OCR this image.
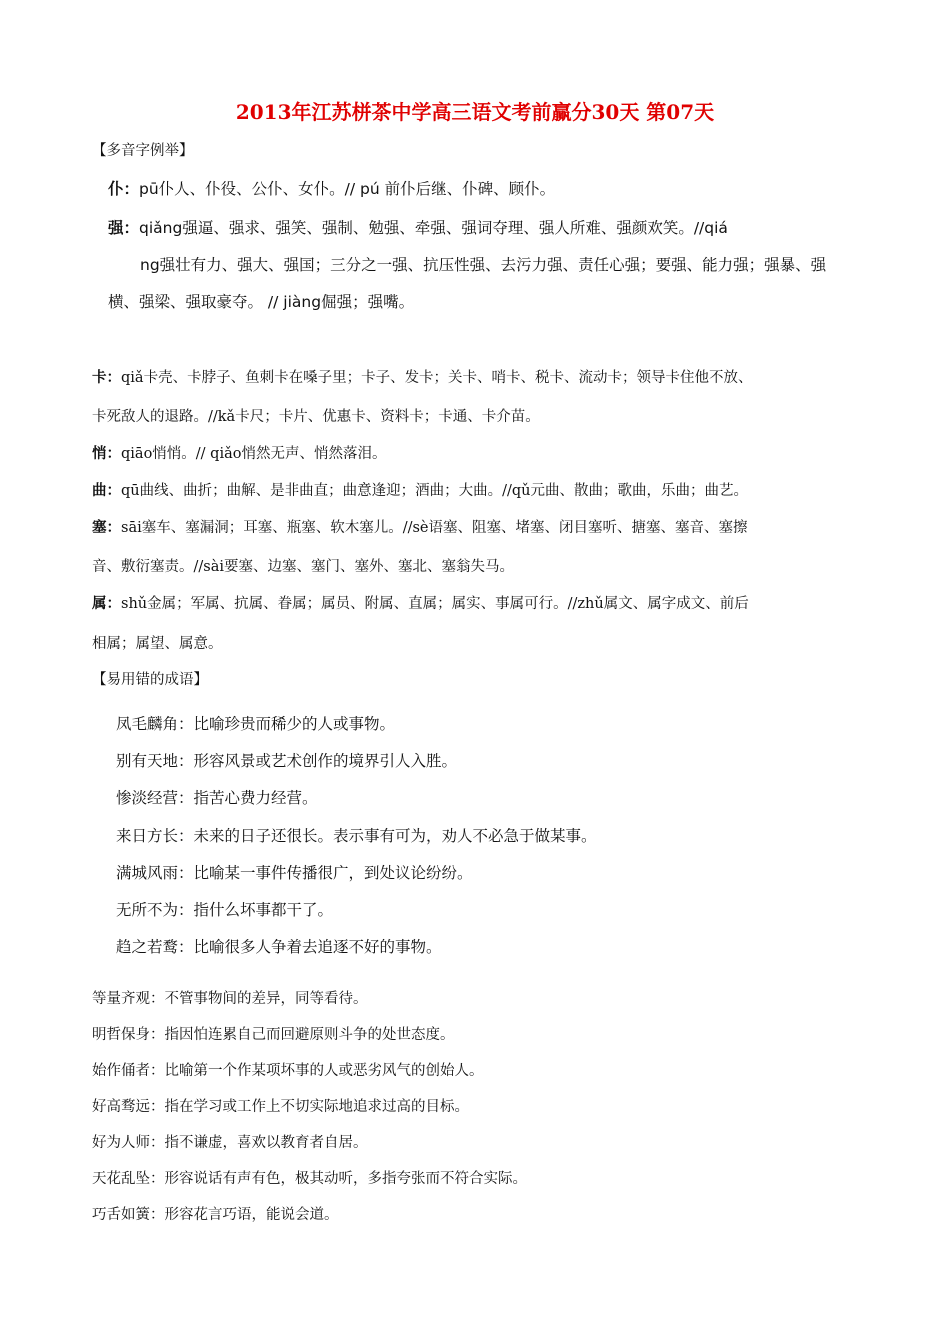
2013年江苏栟茶中学高三语文考前赢分30天 第07天
【多音字例举】
仆：pū仆人、仆役、公仆、女仆。// pú 前仆后继、仆碑、顾仆。
强：qiǎng强逼、强求、强笑、强制、勉强、牵强、强词夺理、强人所难、强颜欢笑。//qiá
ng强壮有力、强大、强国；三分之一强、抗压性强、去污力强、责任心强；要强、能力强；强暴、强
横、强梁、强取豪夺。 // jiàng倔强；强嘴。
卡：qiǎ卡壳、卡脖子、鱼刺卡在嗓子里；卡子、发卡；关卡、哨卡、税卡、流动卡；领导卡住他不放、
卡死敌人的退路。//kǎ卡尺；卡片、优惠卡、资料卡；卡通、卡介苗。
悄：qiāo悄悄。// qiǎo悄然无声、悄然落泪。
曲：qū曲线、曲折；曲解、是非曲直；曲意逢迎；酒曲；大曲。//qǔ元曲、散曲；歌曲，乐曲；曲艺。
塞：sāi塞车、塞漏洞；耳塞、瓶塞、软木塞儿。//sè语塞、阻塞、堵塞、闭目塞听、搪塞、塞音、塞擦
音、敷衍塞责。//sài要塞、边塞、塞门、塞外、塞北、塞翁失马。
属：shǔ金属；军属、抗属、眷属；属员、附属、直属；属实、事属可行。//zhǔ属文、属字成文、前后
相属；属望、属意。
【易用错的成语】
凤毛麟角：比喻珍贵而稀少的人或事物。
别有天地：形容风景或艺术创作的境界引人入胜。
惨淡经营：指苦心费力经营。
来日方长：未来的日子还很长。表示事有可为，劝人不必急于做某事。
满城风雨：比喻某一事件传播很广，到处议论纷纷。
无所不为：指什么坏事都干了。
趋之若鹜：比喻很多人争着去追逐不好的事物。
等量齐观：不管事物间的差异，同等看待。
明哲保身：指因怕连累自己而回避原则斗争的处世态度。
始作俑者：比喻第一个作某项坏事的人或恶劣风气的创始人。
好高骛远：指在学习或工作上不切实际地追求过高的目标。
好为人师：指不谦虚，喜欢以教育者自居。
天花乱坠：形容说话有声有色，极其动听，多指夸张而不符合实际。
巧舌如簧：形容花言巧语，能说会道。
